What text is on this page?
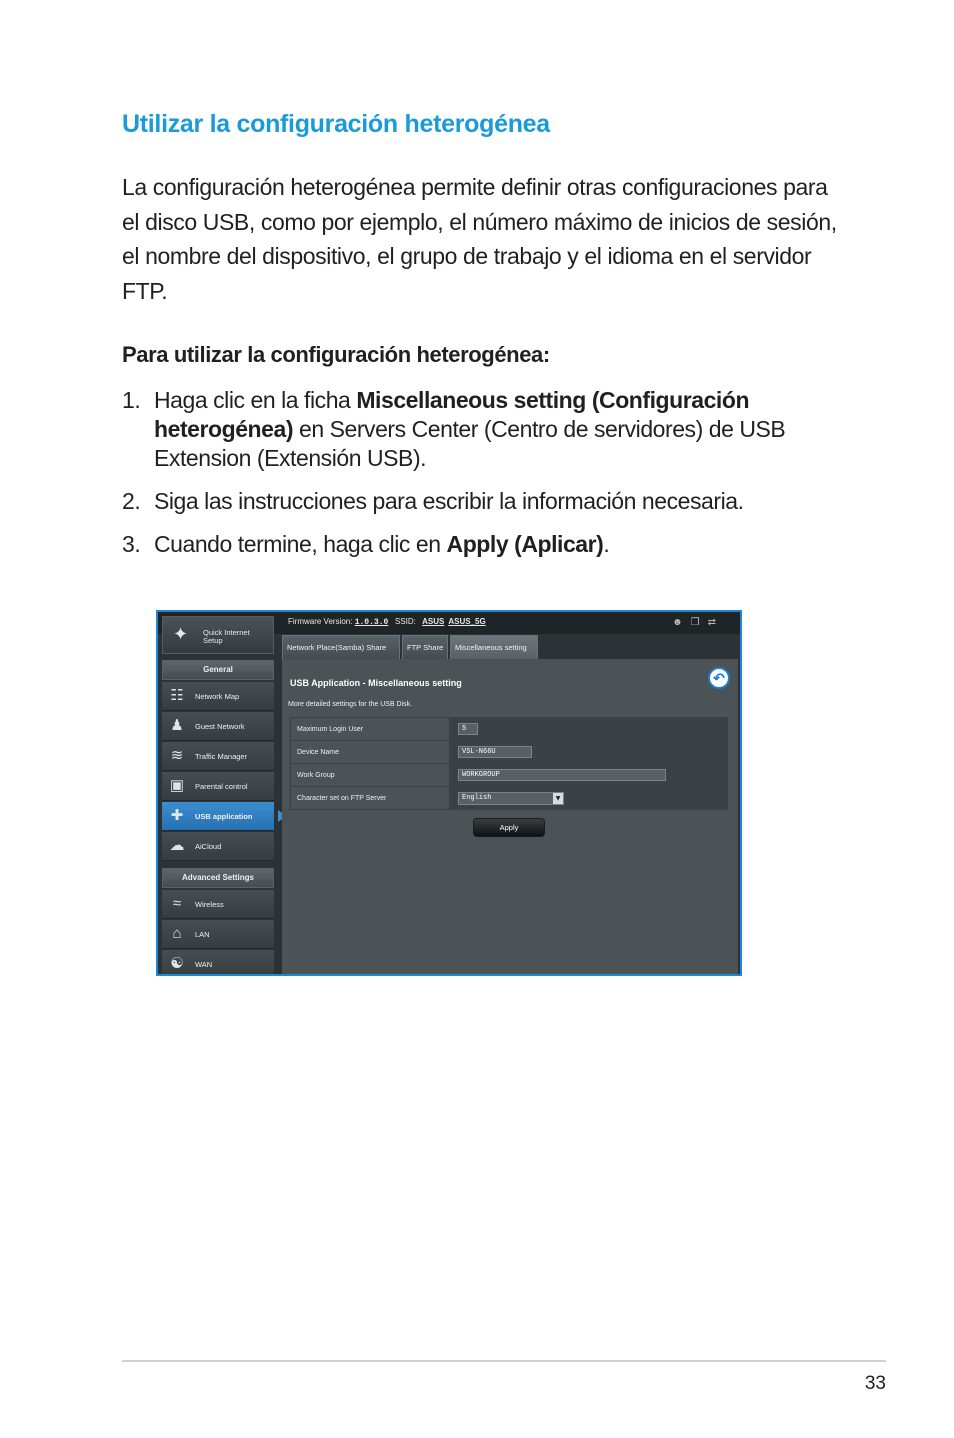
Utilizar la configuración heterogénea
La configuración heterogénea permite definir otras configuraciones para el disco USB, como por ejemplo, el número máximo de inicios de sesión, el nombre del dispositivo, el grupo de trabajo y el idioma en el servidor FTP.
Para utilizar la configuración heterogénea:
1. Haga clic en la ficha Miscellaneous setting (Configuración heterogénea) en Servers Center (Centro de servidores) de USB Extension (Extensión USB).
2. Siga las instrucciones para escribir la información necesaria.
3. Cuando termine, haga clic en Apply (Aplicar).
Firmware Version: 1.0.3.0 SSID: ASUS ASUS_5G	☻❐⇄
✦ Quick Internet Setup
General
☷	Network Map
♟	Guest Network
≋	Traffic Manager
▣	Parental control
✚	USB application
☁	AiCloud
Advanced Settings
≈	Wireless
⌂	LAN
☯	WAN
Network Place(Samba) Share	FTP Share	Miscellaneous setting
USB Application - Miscellaneous setting	↶
More detailed settings for the USB Disk.
Maximum Login User	5

Device Name	VSL-N66U

Work Group	WORKGROUP

Character set on FTP Server	English ▼
Apply
33
